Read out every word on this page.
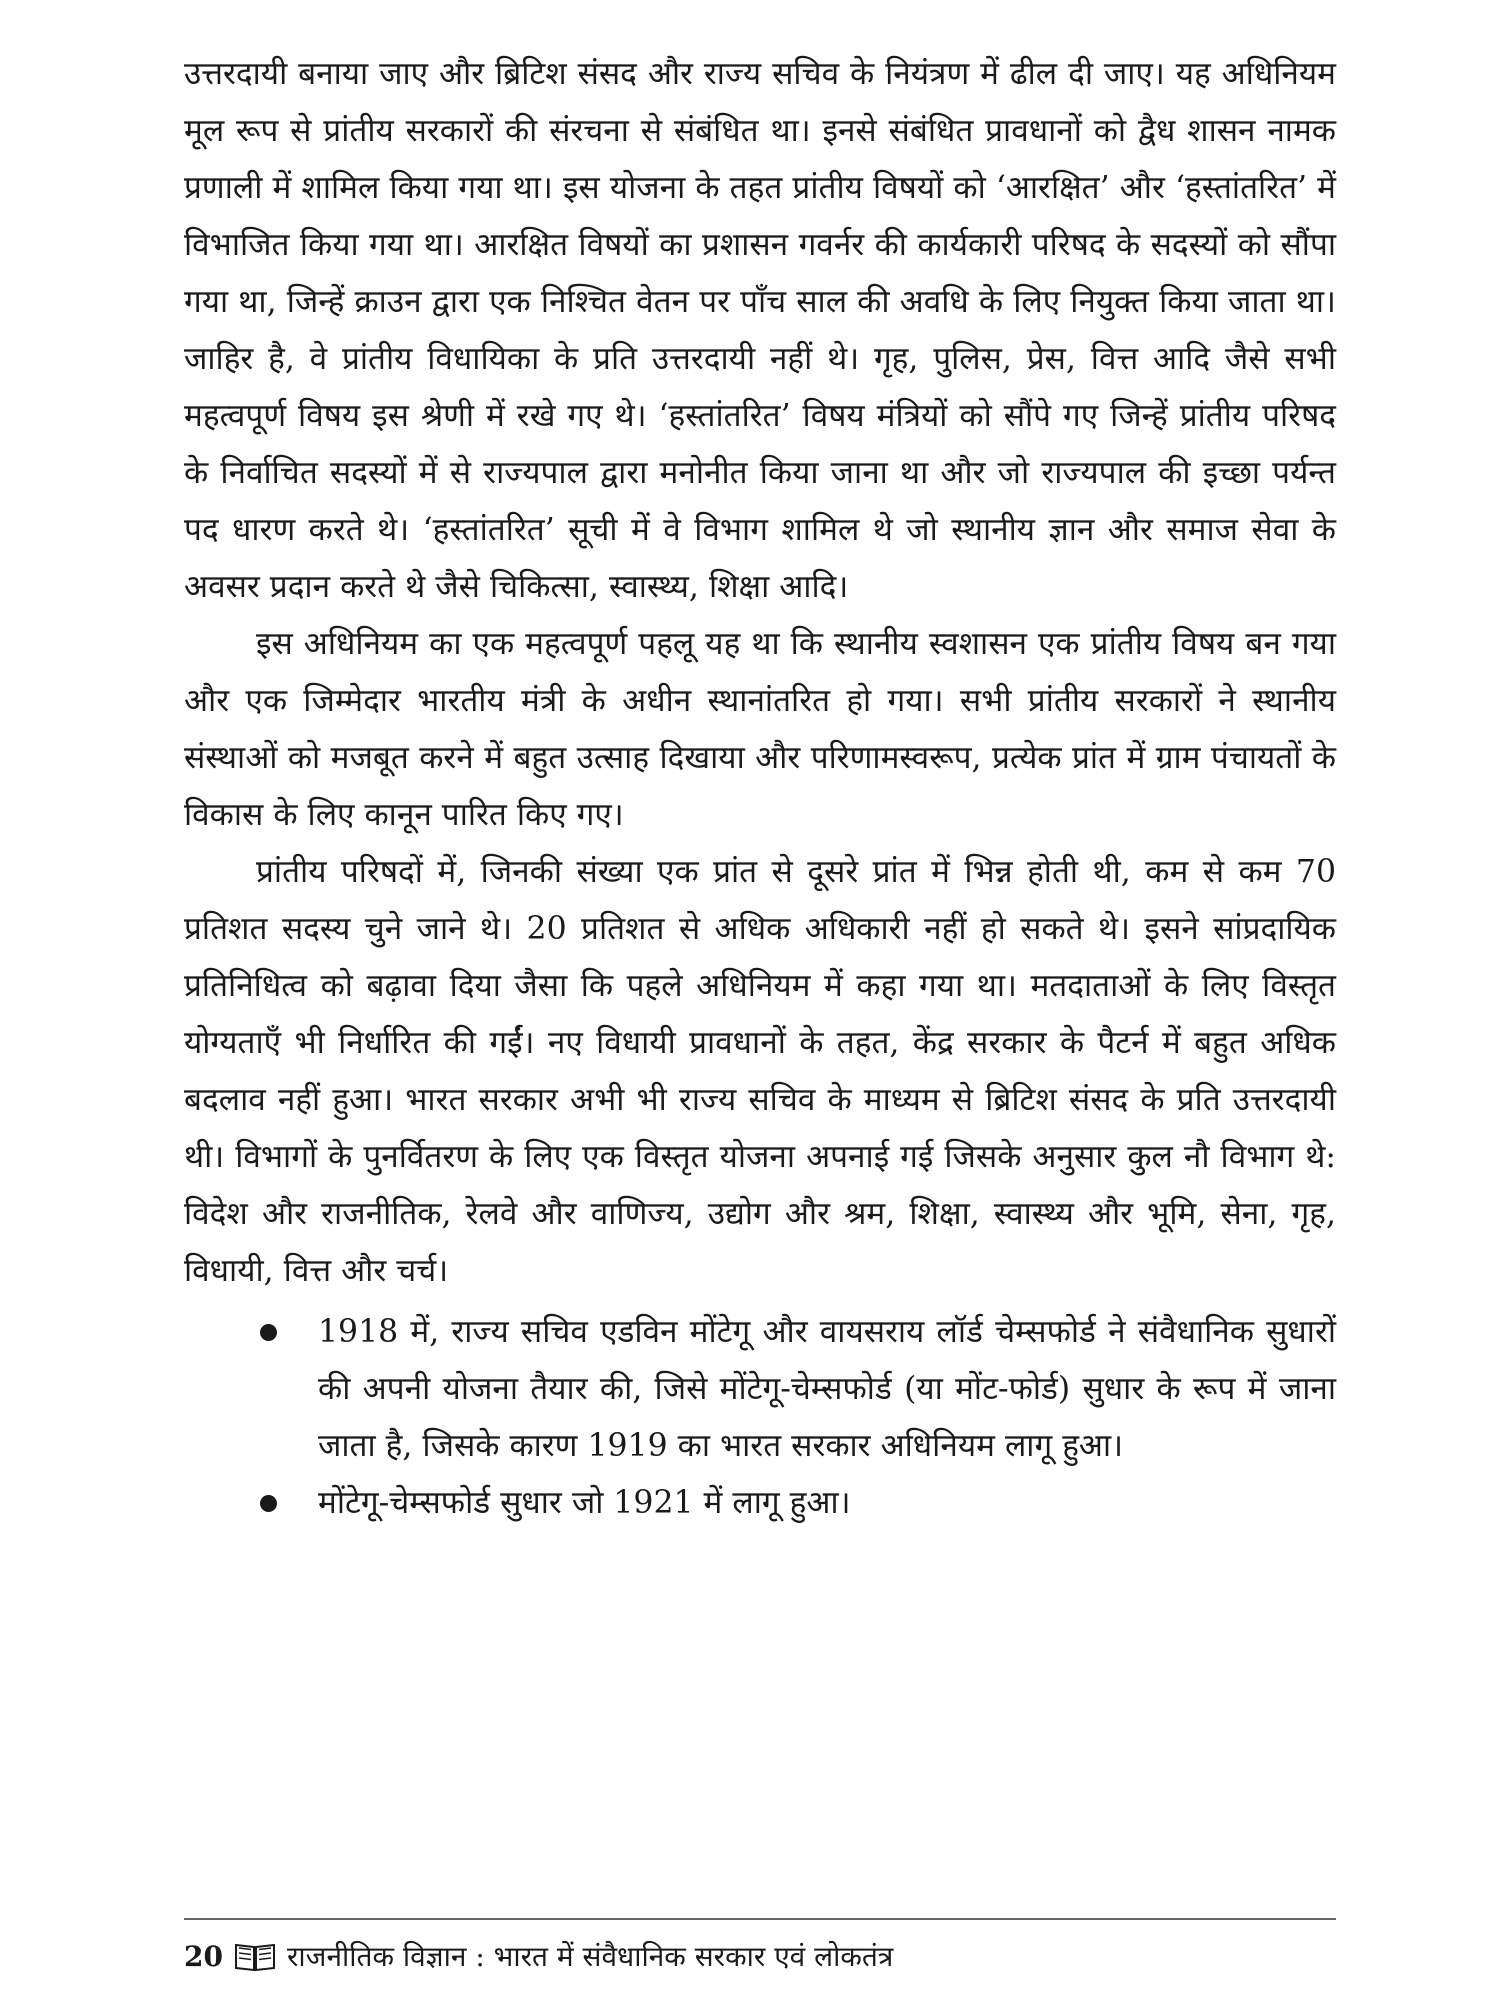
उत्तरदायी बनाया जाए और ब्रिटिश संसद और राज्य सचिव के नियंत्रण में ढील दी जाए। यह अधिनियम मूल रूप से प्रांतीय सरकारों की संरचना से संबंधित था। इनसे संबंधित प्रावधानों को द्वैध शासन नामक प्रणाली में शामिल किया गया था। इस योजना के तहत प्रांतीय विषयों को ‘आरक्षित’ और ‘हस्तांतरित’ में विभाजित किया गया था। आरक्षित विषयों का प्रशासन गवर्नर की कार्यकारी परिषद के सदस्यों को सौंपा गया था, जिन्हें क्राउन द्वारा एक निश्चित वेतन पर पाँच साल की अवधि के लिए नियुक्त किया जाता था। जाहिर है, वे प्रांतीय विधायिका के प्रति उत्तरदायी नहीं थे। गृह, पुलिस, प्रेस, वित्त आदि जैसे सभी महत्वपूर्ण विषय इस श्रेणी में रखे गए थे। ‘हस्तांतरित’ विषय मंत्रियों को सौंपे गए जिन्हें प्रांतीय परिषद के निर्वाचित सदस्यों में से राज्यपाल द्वारा मनोनीत किया जाना था और जो राज्यपाल की इच्छा पर्यन्त पद धारण करते थे। ‘हस्तांतरित’ सूची में वे विभाग शामिल थे जो स्थानीय ज्ञान और समाज सेवा के अवसर प्रदान करते थे जैसे चिकित्सा, स्वास्थ्य, शिक्षा आदि।

इस अधिनियम का एक महत्वपूर्ण पहलू यह था कि स्थानीय स्वशासन एक प्रांतीय विषय बन गया और एक जिम्मेदार भारतीय मंत्री के अधीन स्थानांतरित हो गया। सभी प्रांतीय सरकारों ने स्थानीय संस्थाओं को मजबूत करने में बहुत उत्साह दिखाया और परिणामस्वरूप, प्रत्येक प्रांत में ग्राम पंचायतों के विकास के लिए कानून पारित किए गए।

प्रांतीय परिषदों में, जिनकी संख्या एक प्रांत से दूसरे प्रांत में भिन्न होती थी, कम से कम 70 प्रतिशत सदस्य चुने जाने थे। 20 प्रतिशत से अधिक अधिकारी नहीं हो सकते थे। इसने सांप्रदायिक प्रतिनिधित्व को बढ़ावा दिया जैसा कि पहले अधिनियम में कहा गया था। मतदाताओं के लिए विस्तृत योग्यताएँ भी निर्धारित की गईं। नए विधायी प्रावधानों के तहत, केंद्र सरकार के पैटर्न में बहुत अधिक बदलाव नहीं हुआ। भारत सरकार अभी भी राज्य सचिव के माध्यम से ब्रिटिश संसद के प्रति उत्तरदायी थी। विभागों के पुनर्वितरण के लिए एक विस्तृत योजना अपनाई गई जिसके अनुसार कुल नौ विभाग थे: विदेश और राजनीतिक, रेलवे और वाणिज्य, उद्योग और श्रम, शिक्षा, स्वास्थ्य और भूमि, सेना, गृह, विधायी, वित्त और चर्च।

1918 में, राज्य सचिव एडविन मोंटेगू और वायसराय लॉर्ड चेम्सफोर्ड ने संवैधानिक सुधारों की अपनी योजना तैयार की, जिसे मोंटेगू-चेम्सफोर्ड (या मोंट-फोर्ड) सुधार के रूप में जाना जाता है, जिसके कारण 1919 का भारत सरकार अधिनियम लागू हुआ।
मोंटेगू-चेम्सफोर्ड सुधार जो 1921 में लागू हुआ।
20 राजनीतिक विज्ञान : भारत में संवैधानिक सरकार एवं लोकतंत्र
